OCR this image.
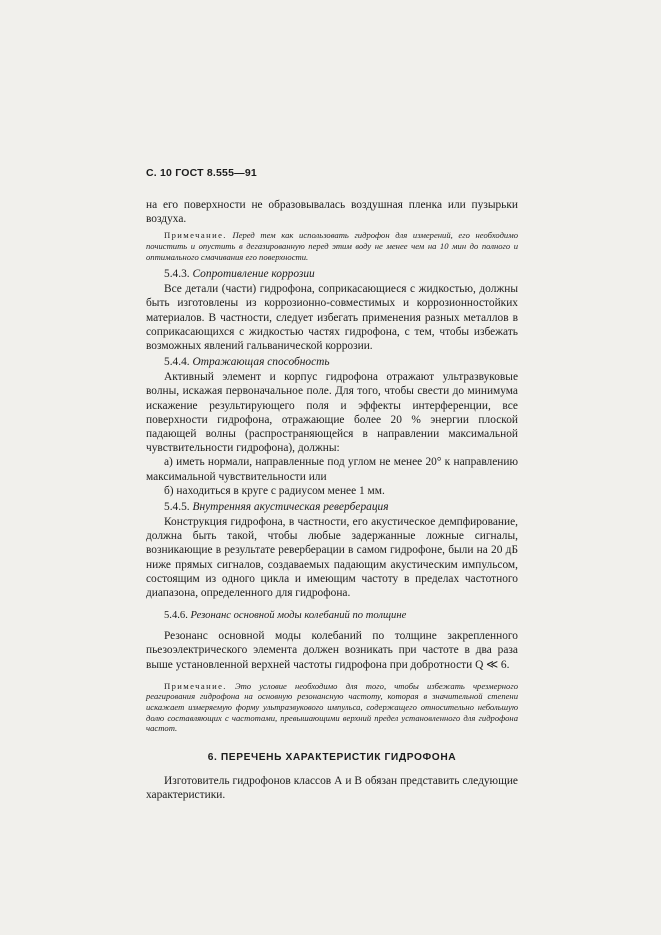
С. 10 ГОСТ 8.555—91

на его поверхности не образовывалась воздушная пленка или пузырьки воздуха.

Примечание. Перед тем как использовать гидрофон для измерений, его необходимо почистить и опустить в дегазированную перед этим воду не менее чем на 10 мин до полного и оптимального смачивания его поверхности.
5.4.3. Сопротивление коррозии

Все детали (части) гидрофона, соприкасающиеся с жидкостью, должны быть изготовлены из коррозионно-совместимых и коррозионностойких материалов. В частности, следует избегать применения разных металлов в соприкасающихся с жидкостью частях гидрофона, с тем, чтобы избежать возможных явлений гальванической коррозии.

5.4.4. Отражающая способность

Активный элемент и корпус гидрофона отражают ультразвуковые волны, искажая первоначальное поле. Для того, чтобы свести до минимума искажение результирующего поля и эффекты интерференции, все поверхности гидрофона, отражающие более 20 % энергии плоской падающей волны (распространяющейся в направлении максимальной чувствительности гидрофона), должны:

а) иметь нормали, направленные под углом не менее 20° к направлению максимальной чувствительности или

б) находиться в круге с радиусом менее 1 мм.

5.4.5. Внутренняя акустическая реверберация

Конструкция гидрофона, в частности, его акустическое демпфирование, должна быть такой, чтобы любые задержанные ложные сигналы, возникающие в результате реверберации в самом гидрофоне, были на 20 дБ ниже прямых сигналов, создаваемых падающим акустическим импульсом, состоящим из одного цикла и имеющим частоту в пределах частотного диапазона, определенного для гидрофона.

5.4.6. Резонанс основной моды колебаний по толщине

Резонанс основной моды колебаний по толщине закрепленного пьезоэлектрического элемента должен возникать при частоте в два раза выше установленной верхней частоты гидрофона при добротности Q ≪ 6.

Примечание. Это условие необходимо для того, чтобы избежать чрезмерного реагирования гидрофона на основную резонансную частоту, которая в значительной степени искажает измеряемую форму ультразвукового импульса, содержащего относительно небольшую долю составляющих с частотами, превышающими верхний предел установленного для гидрофона частот.
6. ПЕРЕЧЕНЬ ХАРАКТЕРИСТИК ГИДРОФОНА

Изготовитель гидрофонов классов А и В обязан представить следующие характеристики.
